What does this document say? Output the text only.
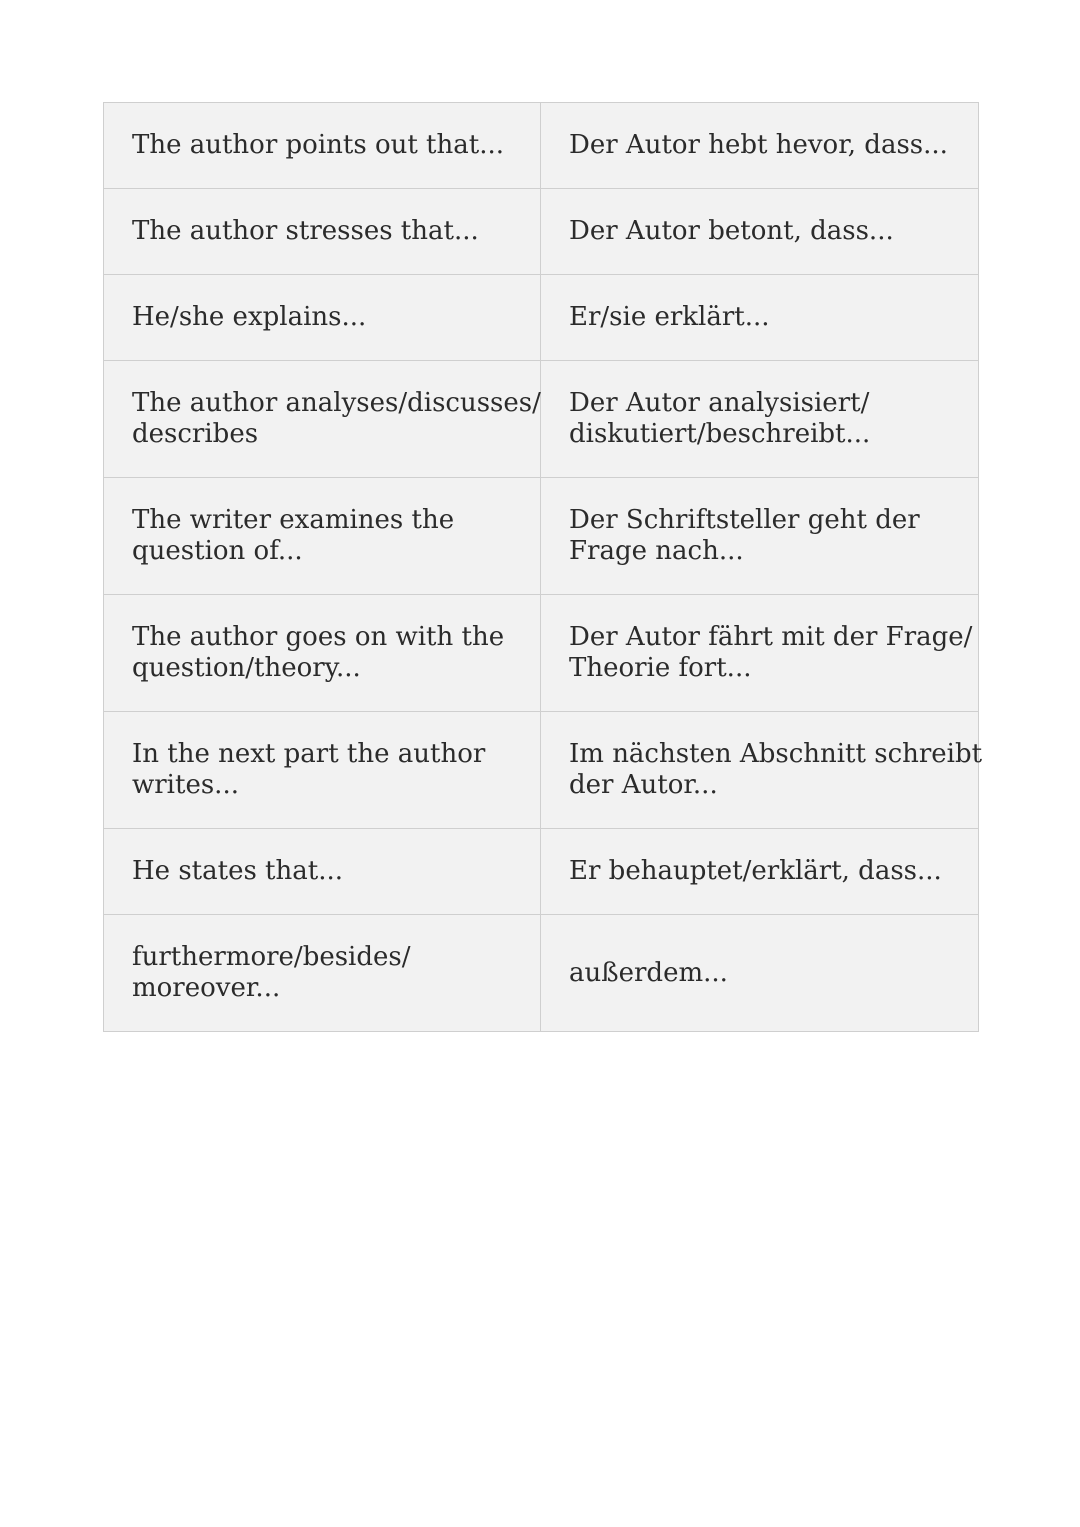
The author points out that...	Der Autor hebt hevor, dass...

The author stresses that...	Der Autor betont, dass...

He/she explains...	Er/sie erklärt...

The author analyses/discusses/
describes	Der Autor analysisiert/
diskutiert/beschreibt...

The writer examines the
question of...	Der Schriftsteller geht der
Frage nach...

The author goes on with the
question/theory...	Der Autor fährt mit der Frage/
Theorie fort...

In the next part the author
writes...	Im nächsten Abschnitt schreibt
der Autor...

He states that...	Er behauptet/erklärt, dass...

furthermore/besides/
moreover...	außerdem...
